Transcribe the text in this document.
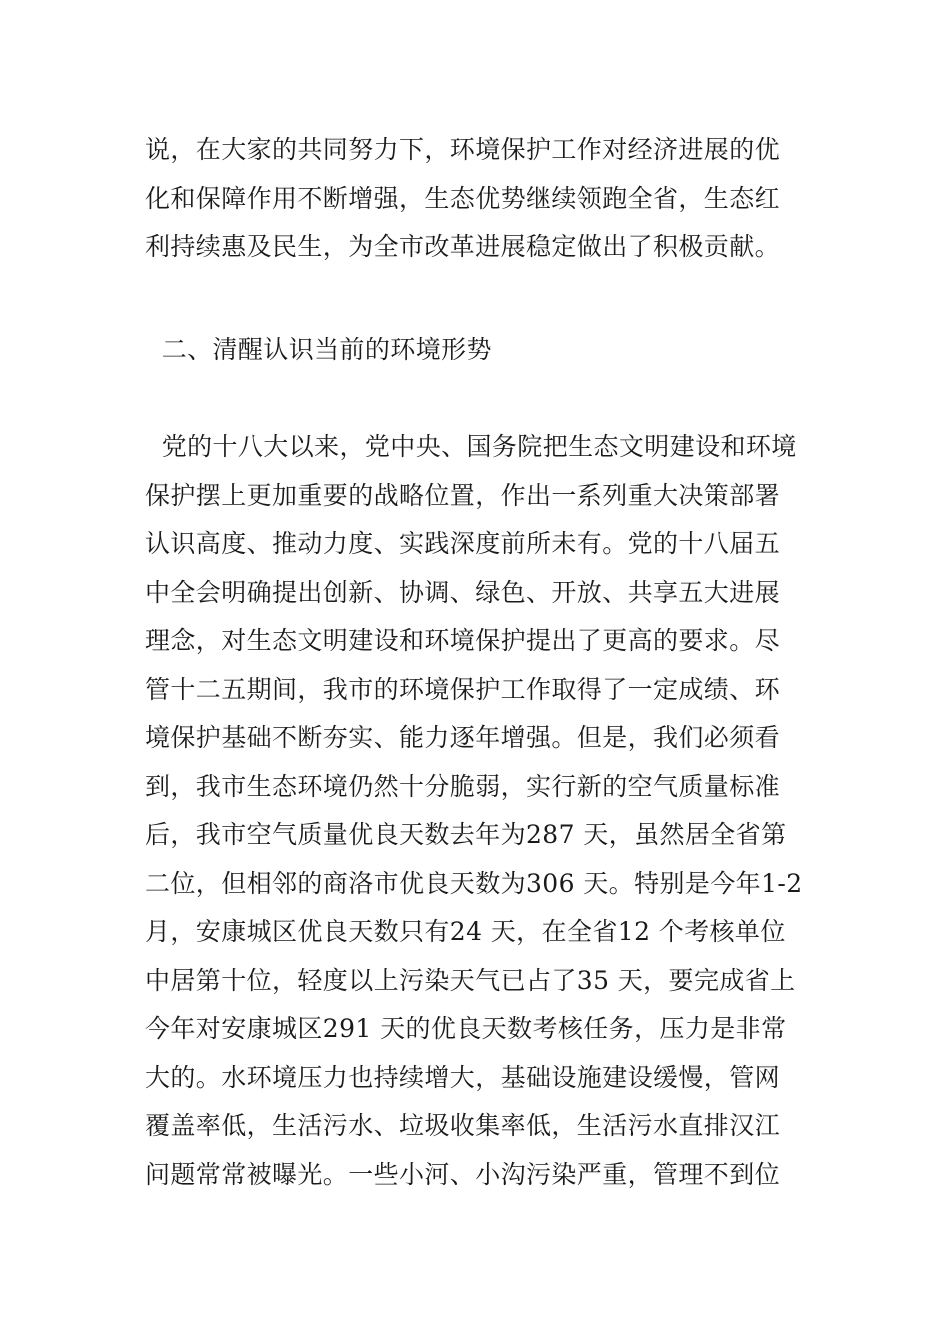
说，在大家的共同努力下，环境保护工作对经济进展的优
化和保障作用不断增强，生态优势继续领跑全省，生态红
利持续惠及民生，为全市改革进展稳定做出了积极贡献。
二、清醒认识当前的环境形势
党的十八大以来，党中央、国务院把生态文明建设和环境
保护摆上更加重要的战略位置，作出一系列重大决策部署
认识高度、推动力度、实践深度前所未有。党的十八届五
中全会明确提出创新、协调、绿色、开放、共享五大进展
理念，对生态文明建设和环境保护提出了更高的要求。尽
管十二五期间，我市的环境保护工作取得了一定成绩、环
境保护基础不断夯实、能力逐年增强。但是，我们必须看
到，我市生态环境仍然十分脆弱，实行新的空气质量标准
后，我市空气质量优良天数去年为287 天，虽然居全省第
二位，但相邻的商洛市优良天数为306 天。特别是今年1-2
月，安康城区优良天数只有24 天，在全省12 个考核单位
中居第十位，轻度以上污染天气已占了35 天，要完成省上
今年对安康城区291 天的优良天数考核任务，压力是非常
大的。水环境压力也持续增大，基础设施建设缓慢，管网
覆盖率低，生活污水、垃圾收集率低，生活污水直排汉江
问题常常被曝光。一些小河、小沟污染严重，管理不到位
